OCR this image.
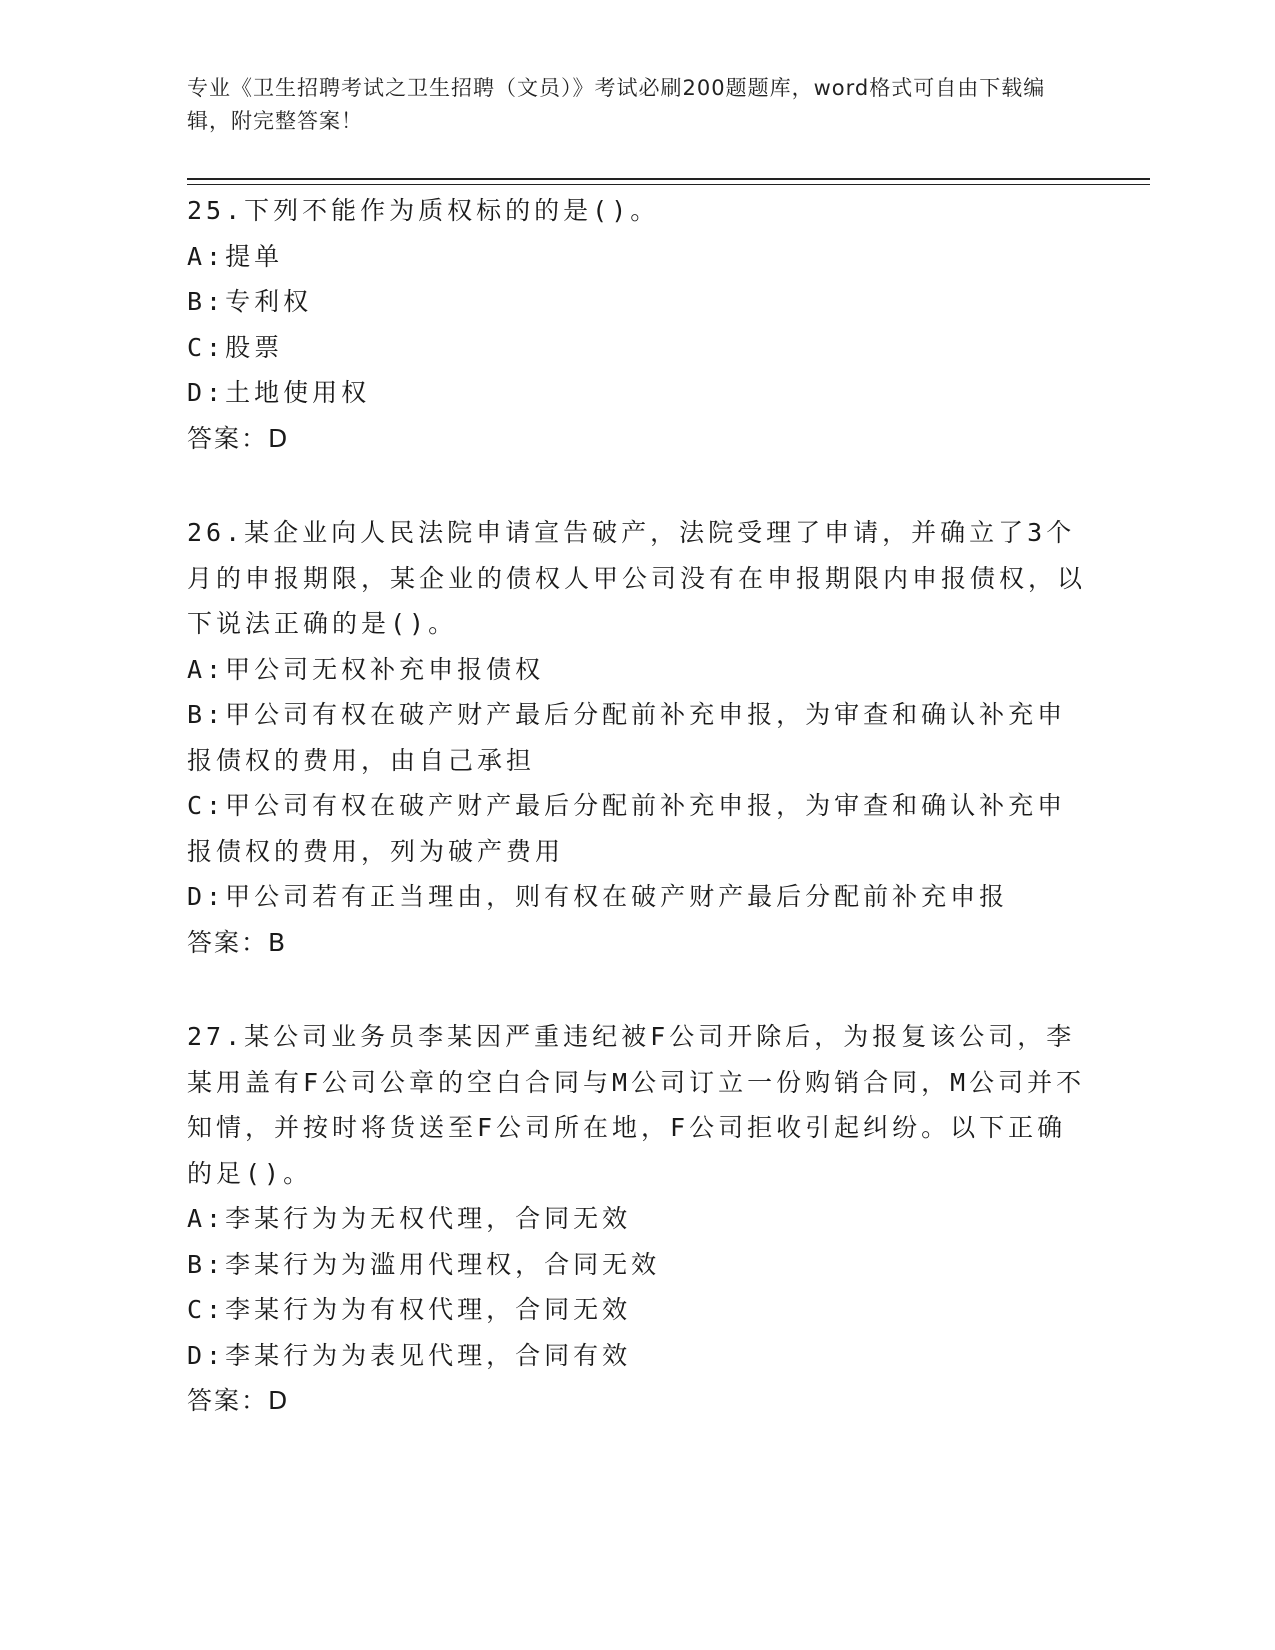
专业《卫生招聘考试之卫生招聘（文员）》考试必刷200题题库，word格式可自由下载编辑，附完整答案！
25.下列不能作为质权标的的是()。
A:提单
B:专利权
C:股票
D:土地使用权
答案：D
26.某企业向人民法院申请宣告破产，法院受理了申请，并确立了3个月的申报期限，某企业的债权人甲公司没有在申报期限内申报债权，以下说法正确的是()。
A:甲公司无权补充申报债权
B:甲公司有权在破产财产最后分配前补充申报，为审查和确认补充申报债权的费用，由自己承担
C:甲公司有权在破产财产最后分配前补充申报，为审查和确认补充申报债权的费用，列为破产费用
D:甲公司若有正当理由，则有权在破产财产最后分配前补充申报
答案：B
27.某公司业务员李某因严重违纪被F公司开除后，为报复该公司，李某用盖有F公司公章的空白合同与M公司订立一份购销合同，M公司并不知情，并按时将货送至F公司所在地，F公司拒收引起纠纷。以下正确的足()。
A:李某行为为无权代理，合同无效
B:李某行为为滥用代理权，合同无效
C:李某行为为有权代理，合同无效
D:李某行为为表见代理，合同有效
答案：D
